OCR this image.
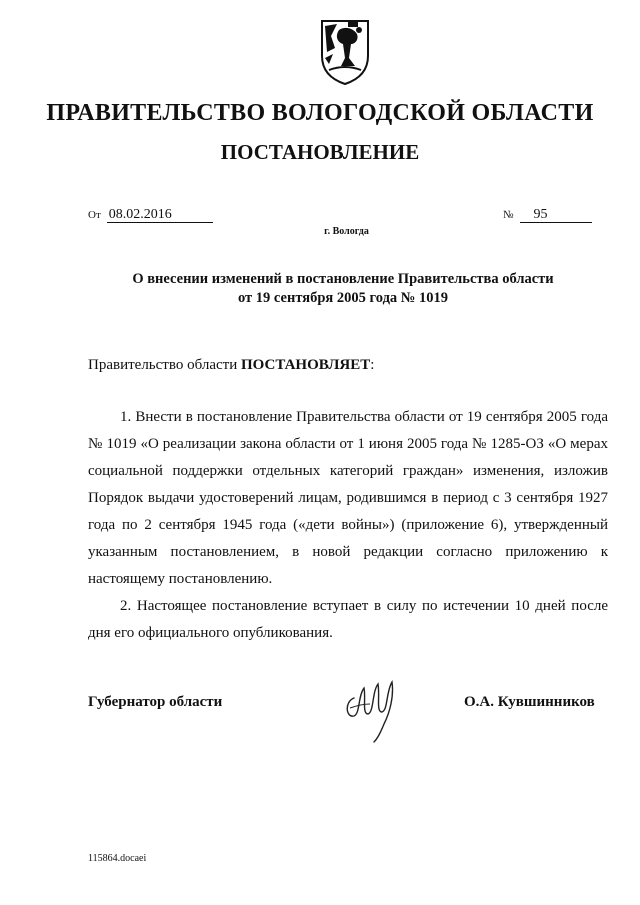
ПРАВИТЕЛЬСТВО ВОЛОГОДСКОЙ ОБЛАСТИ
ПОСТАНОВЛЕНИЕ
От 08.02.2016	№ 95
г. Вологда
О внесении изменений в постановление Правительства области
от 19 сентября 2005 года № 1019
Правительство области ПОСТАНОВЛЯЕТ:

1. Внести в постановление Правительства области от 19 сентября 2005 года № 1019 «О реализации закона области от 1 июня 2005 года № 1285-ОЗ «О мерах социальной поддержки отдельных категорий граждан» изменения, изложив Порядок выдачи удостоверений лицам, родившимся в период с 3 сентября 1927 года по 2 сентября 1945 года («дети войны») (приложение 6), утвержденный указанным постановлением, в новой редакции согласно приложению к настоящему постановлению.

2. Настоящее постановление вступает в силу по истечении 10 дней после дня его официального опубликования.

Губернатор области	О.А. Кувшинников
115864.docaei
